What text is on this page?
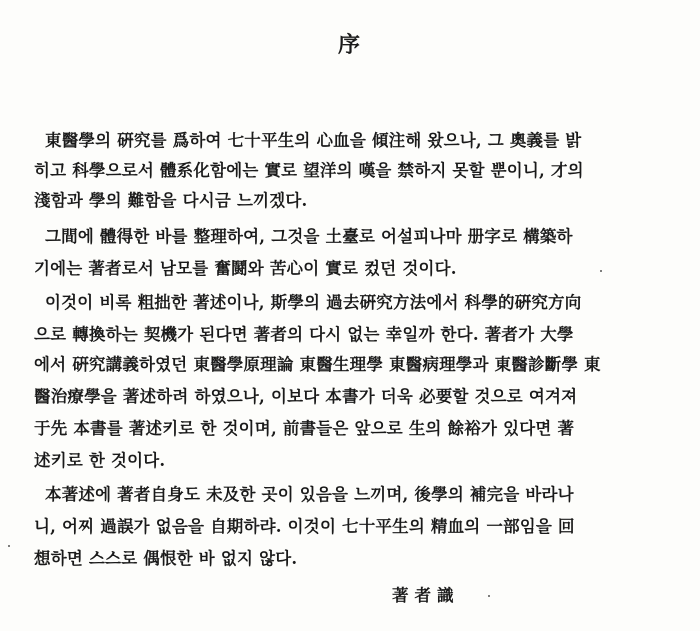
序
東醫學의 硏究를 爲하여 七十平生의 心血을 傾注해 왔으나, 그 奧義를 밝
히고 科學으로서 體系化함에는 實로 望洋의 嘆을 禁하지 못할 뿐이니, 才의
淺함과 學의 難함을 다시금 느끼겠다.
그間에 體得한 바를 整理하여, 그것을 土臺로 어설피나마 册字로 構築하
기에는 著者로서 남모를 奮鬪와 苦心이 實로 컸던 것이다.
이것이 비록 粗拙한 著述이나, 斯學의 過去硏究方法에서 科學的硏究方向
으로 轉換하는 契機가 된다면 著者의 다시 없는 幸일까 한다. 著者가 大學
에서 硏究講義하였던 東醫學原理論 東醫生理學 東醫病理學과 東醫診斷學 東
醫治療學을 著述하려 하였으나, 이보다 本書가 더욱 必要할 것으로 여겨져
于先 本書를 著述키로 한 것이며, 前書들은 앞으로 生의 餘裕가 있다면 著
述키로 한 것이다.
本著述에 著者自身도 未及한 곳이 있음을 느끼며, 後學의 補完을 바라나
니, 어찌 過誤가 없음을 自期하랴. 이것이 七十平生의 精血의 一部임을 回
想하면 스스로 偶恨한 바 없지 않다.
著者識
